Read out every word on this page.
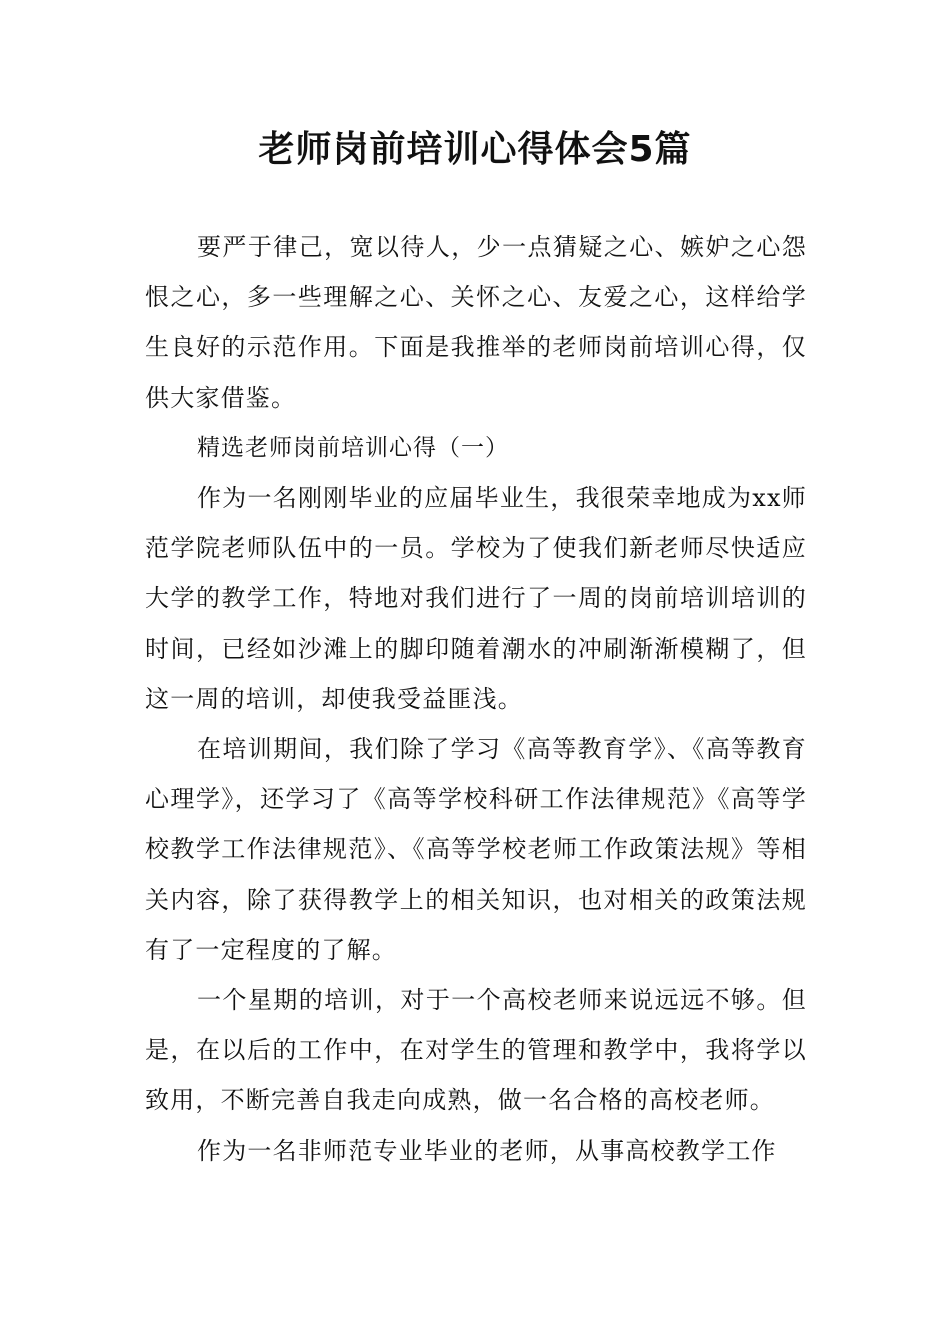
老师岗前培训心得体会5篇

要严于律己，宽以待人，少一点猜疑之心、嫉妒之心怨恨之心，多一些理解之心、关怀之心、友爱之心，这样给学生良好的示范作用。下面是我推举的老师岗前培训心得，仅供大家借鉴。

精选老师岗前培训心得（一）

作为一名刚刚毕业的应届毕业生，我很荣幸地成为xx师范学院老师队伍中的一员。学校为了使我们新老师尽快适应大学的教学工作，特地对我们进行了一周的岗前培训培训的时间，已经如沙滩上的脚印随着潮水的冲刷渐渐模糊了，但这一周的培训，却使我受益匪浅。

在培训期间，我们除了学习《高等教育学》、《高等教育心理学》，还学习了《高等学校科研工作法律规范》《高等学校教学工作法律规范》、《高等学校老师工作政策法规》等相关内容，除了获得教学上的相关知识，也对相关的政策法规有了一定程度的了解。

一个星期的培训，对于一个高校老师来说远远不够。但是，在以后的工作中，在对学生的管理和教学中，我将学以致用，不断完善自我走向成熟，做一名合格的高校老师。

作为一名非师范专业毕业的老师，从事高校教学工作
